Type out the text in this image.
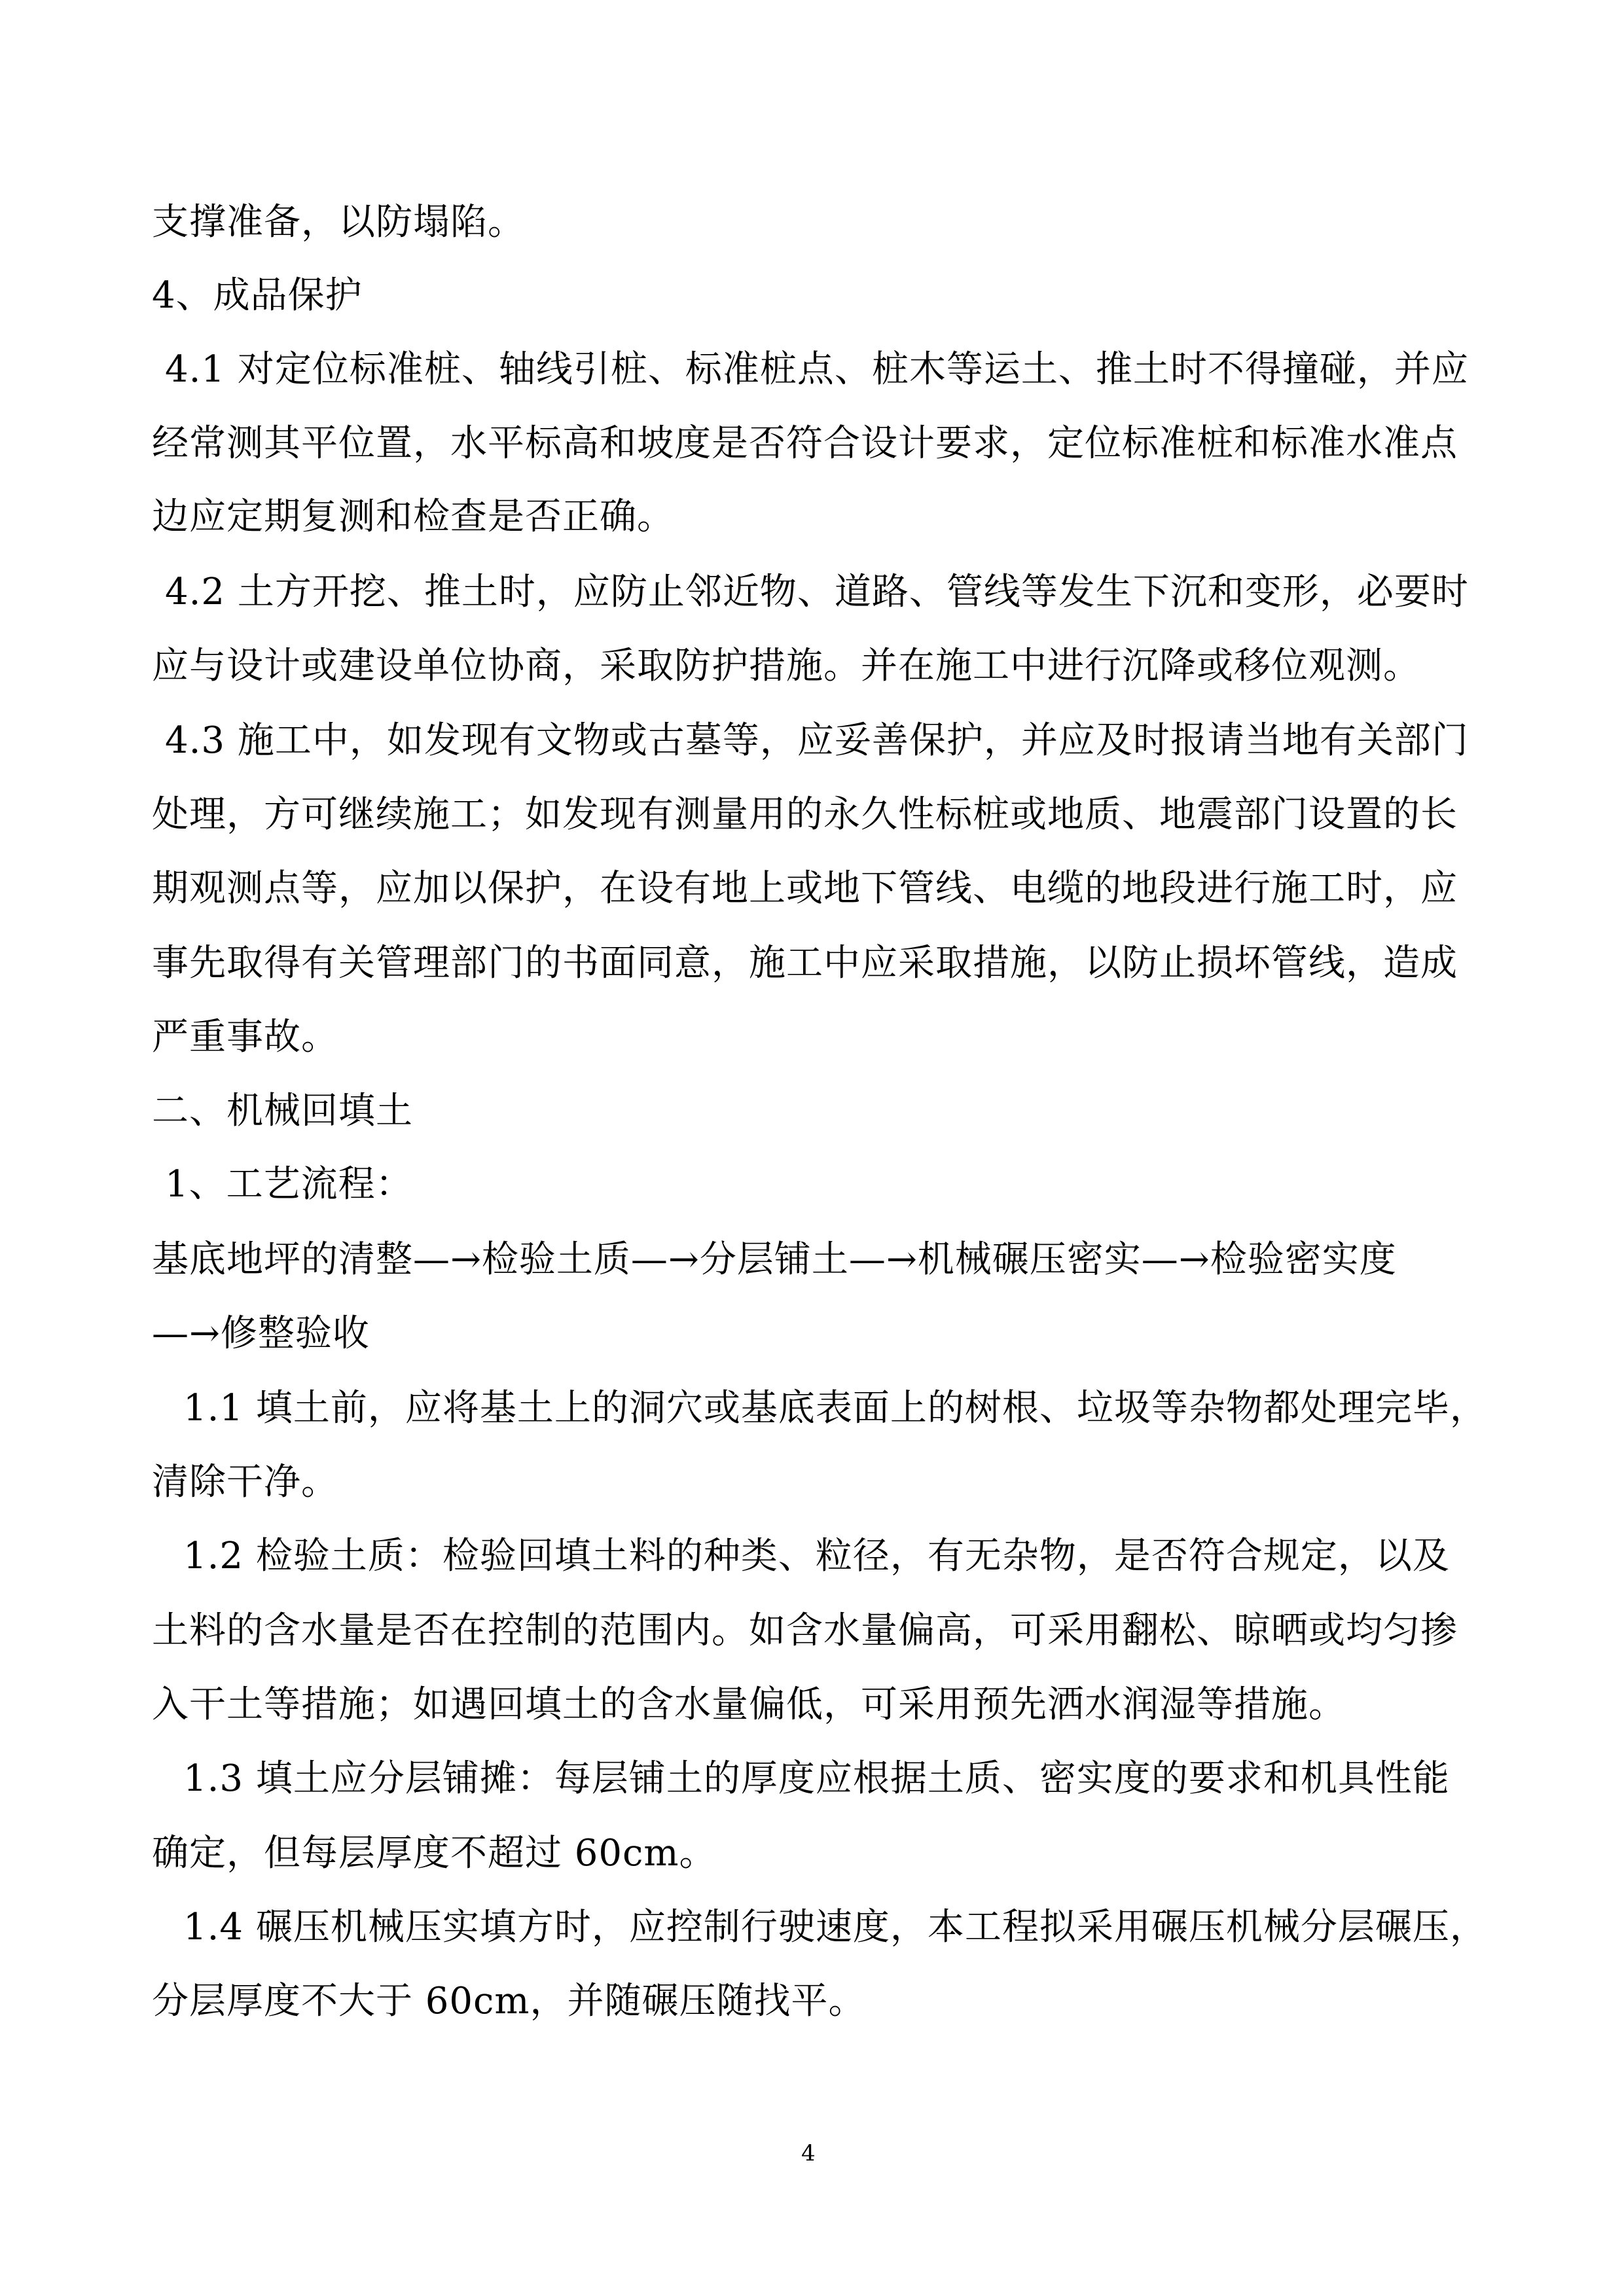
支撑准备，以防塌陷。
4、成品保护
4.1 对定位标准桩、轴线引桩、标准桩点、桩木等运土、推土时不得撞碰，并应
经常测其平位置，水平标高和坡度是否符合设计要求，定位标准桩和标准水准点
边应定期复测和检查是否正确。
4.2 土方开挖、推土时，应防止邻近物、道路、管线等发生下沉和变形，必要时
应与设计或建设单位协商，采取防护措施。并在施工中进行沉降或移位观测。
4.3 施工中，如发现有文物或古墓等，应妥善保护，并应及时报请当地有关部门
处理，方可继续施工；如发现有测量用的永久性标桩或地质、地震部门设置的长
期观测点等，应加以保护，在设有地上或地下管线、电缆的地段进行施工时，应
事先取得有关管理部门的书面同意，施工中应采取措施，以防止损坏管线，造成
严重事故。
二、机械回填土
1、工艺流程：
基底地坪的清整—→检验土质—→分层铺土—→机械碾压密实—→检验密实度
—→修整验收
1.1 填土前，应将基土上的洞穴或基底表面上的树根、垃圾等杂物都处理完毕，
清除干净。
1.2 检验土质：检验回填土料的种类、粒径，有无杂物，是否符合规定，以及
土料的含水量是否在控制的范围内。如含水量偏高，可采用翻松、晾晒或均匀掺
入干土等措施；如遇回填土的含水量偏低，可采用预先洒水润湿等措施。
1.3 填土应分层铺摊：每层铺土的厚度应根据土质、密实度的要求和机具性能
确定，但每层厚度不超过 60cm。
1.4 碾压机械压实填方时，应控制行驶速度，本工程拟采用碾压机械分层碾压，
分层厚度不大于 60cm，并随碾压随找平。
4
